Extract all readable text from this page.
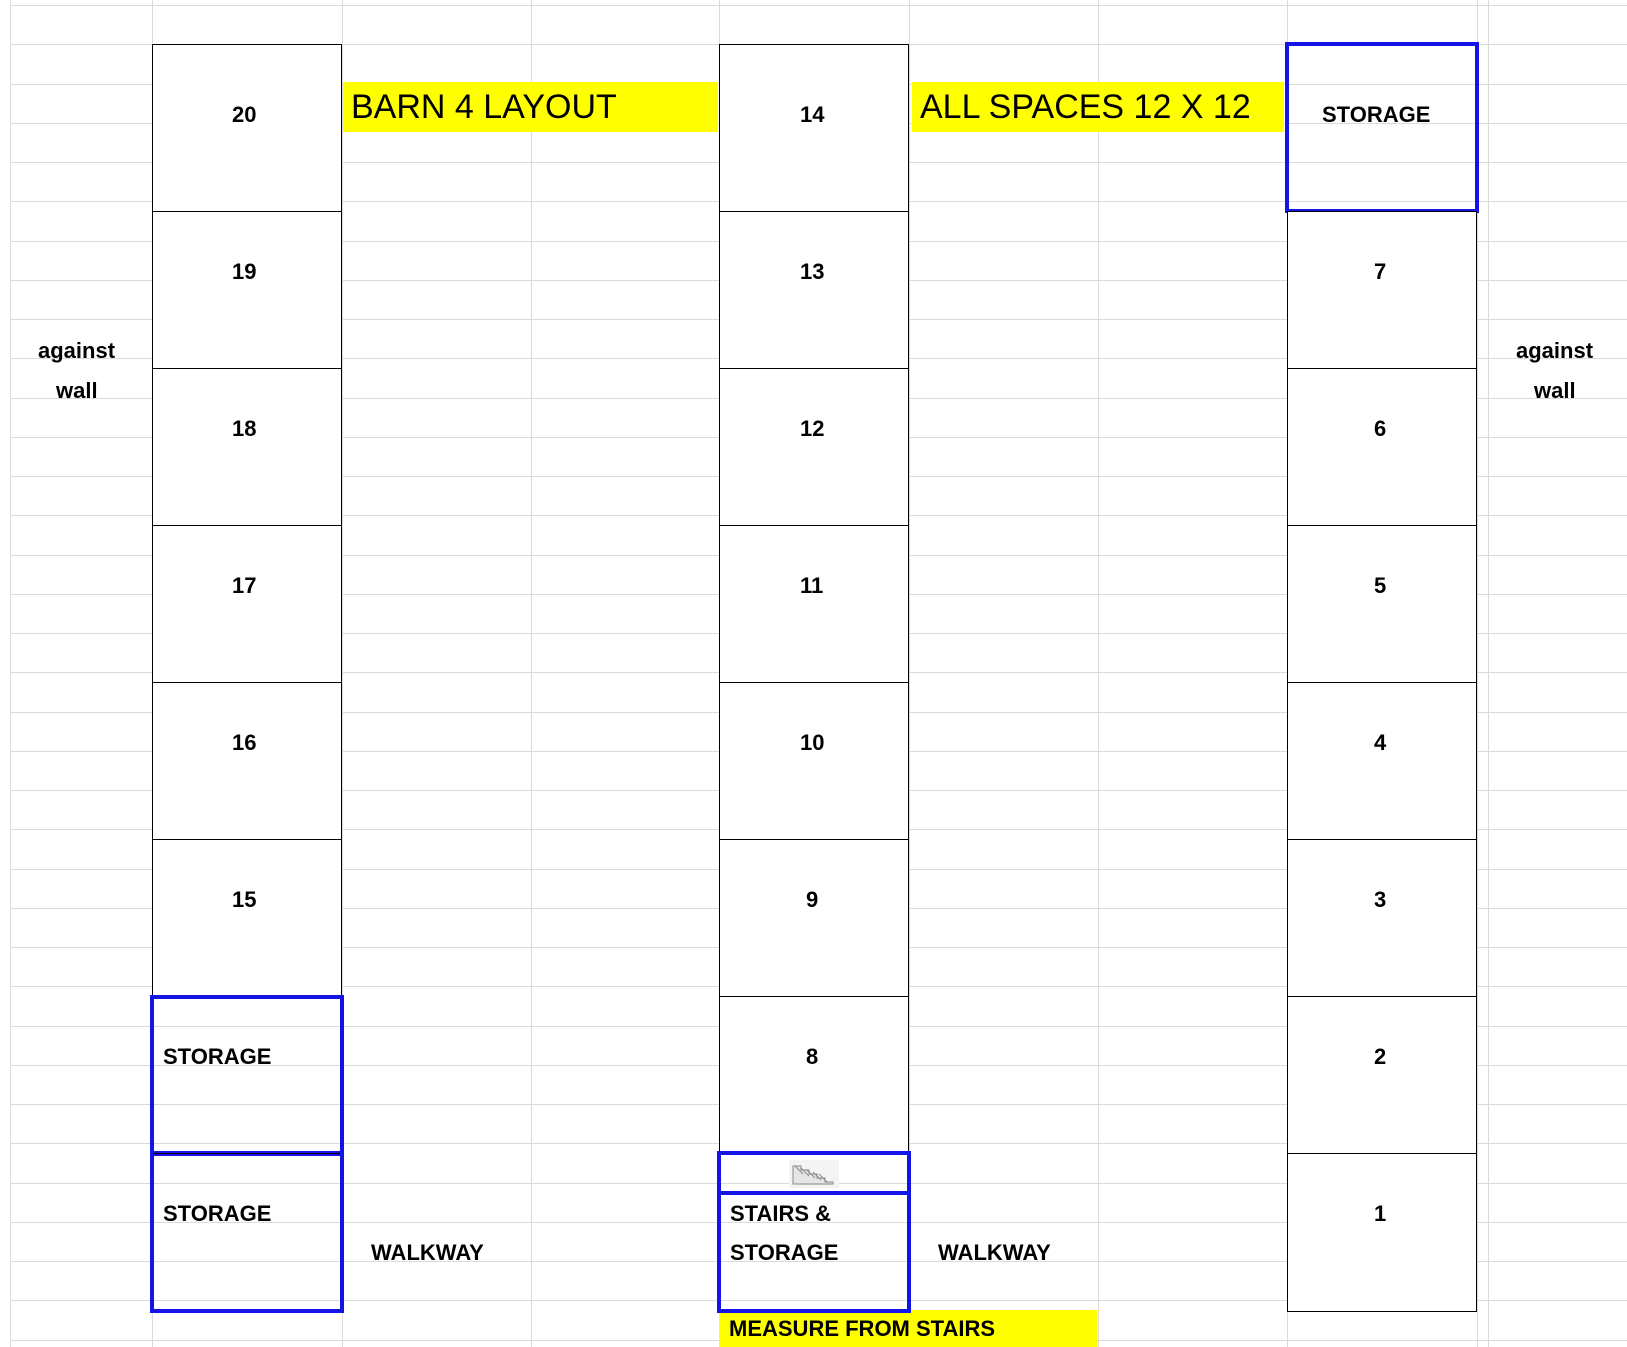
BARN 4 LAYOUT	ALL SPACES 12 X 12
MEASURE FROM STAIRS
20
19
18
17
16
15
STORAGE
STORAGE
14
13
12
11
10
9
8
STAIRS &
STORAGE
STORAGE
7
6
5
4
3
2
1
against
wall
against
wall
WALKWAY	WALKWAY
